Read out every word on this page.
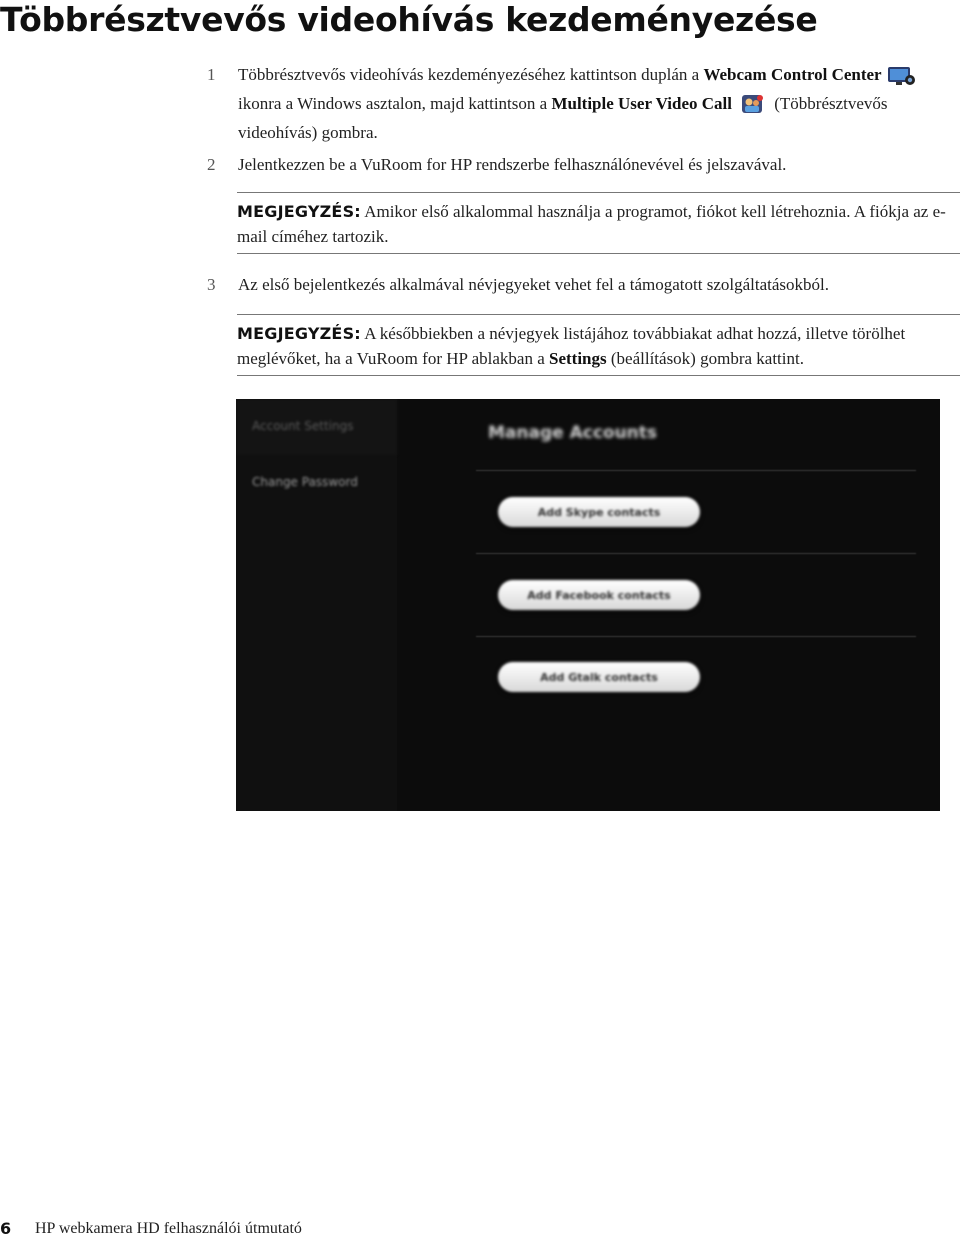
Többrésztvevős videohívás kezdeményezése
1 Többrésztvevős videohívás kezdeményezéséhez kattintson duplán a Webcam Control Center ikonra a Windows asztalon, majd kattintson a Multiple User Video Call (Többrésztvevős videohívás) gombra.
2 Jelentkezzen be a VuRoom for HP rendszerbe felhasználónevével és jelszavával.
MEGJEGYZÉS: Amikor első alkalommal használja a programot, fiókot kell létrehoznia. A fiókja az e-mail címéhez tartozik.
3 Az első bejelentkezés alkalmával névjegyeket vehet fel a támogatott szolgáltatásokból.
MEGJEGYZÉS: A későbbiekben a névjegyek listájához továbbiakat adhat hozzá, illetve törölhet meglévőket, ha a VuRoom for HP ablakban a Settings (beállítások) gombra kattint.
Account Settings
Change Password
Manage Accounts
Add Skype contacts
Add Facebook contacts
Add Gtalk contacts
6 HP webkamera HD felhasználói útmutató
